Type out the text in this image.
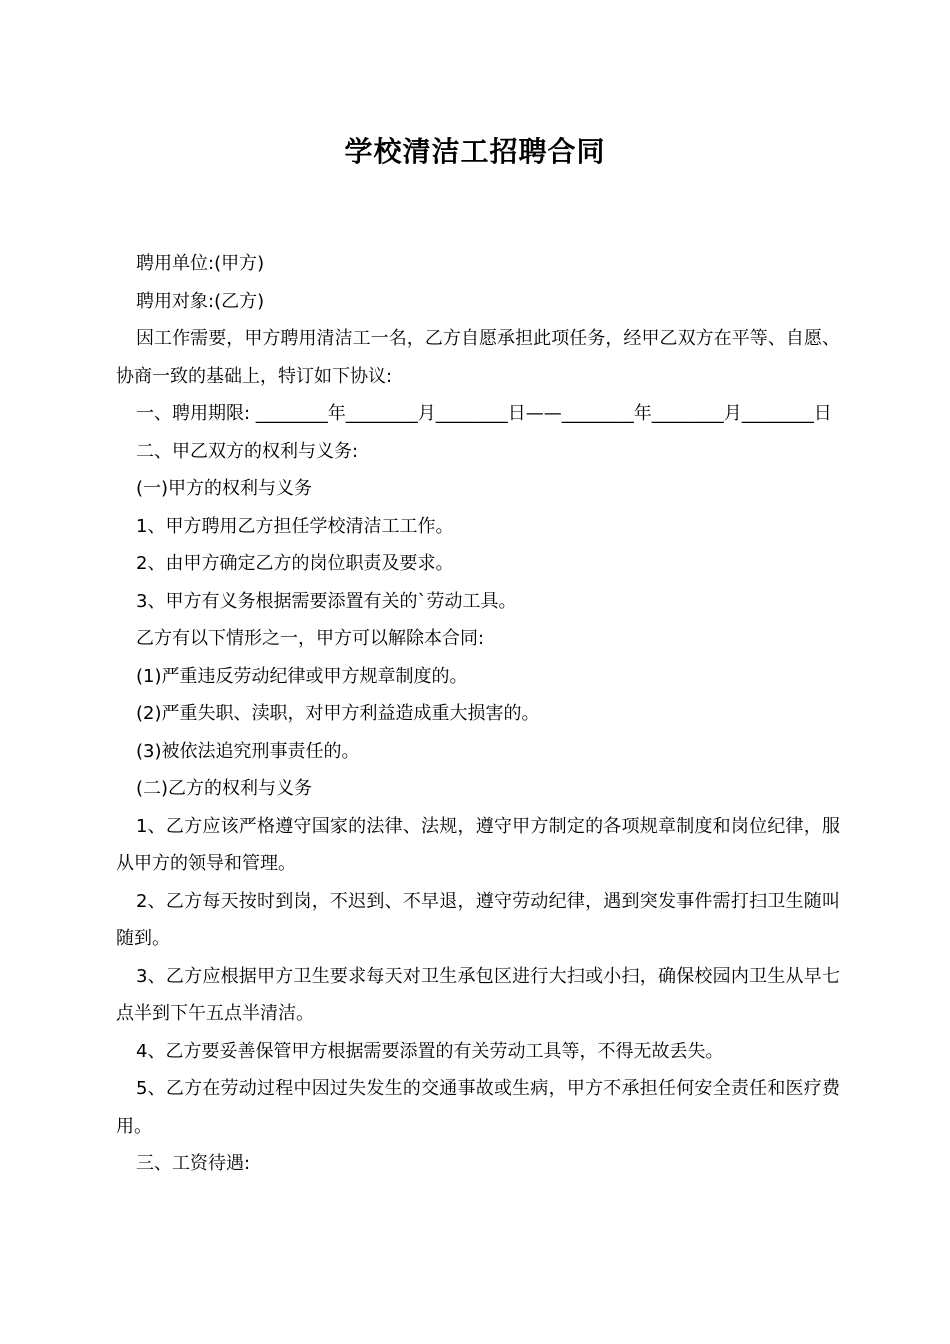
学校清洁工招聘合同

聘用单位:(甲方)

聘用对象:(乙方)

因工作需要，甲方聘用清洁工一名，乙方自愿承担此项任务，经甲乙双方在平等、自愿、协商一致的基础上，特订如下协议:

一、聘用期限: ________年________月________日——________年________月________日

二、甲乙双方的权利与义务:

(一)甲方的权利与义务

1、甲方聘用乙方担任学校清洁工工作。

2、由甲方确定乙方的岗位职责及要求。

3、甲方有义务根据需要添置有关的`劳动工具。

乙方有以下情形之一，甲方可以解除本合同:

(1)严重违反劳动纪律或甲方规章制度的。

(2)严重失职、渎职，对甲方利益造成重大损害的。

(3)被依法追究刑事责任的。

(二)乙方的权利与义务

1、乙方应该严格遵守国家的法律、法规，遵守甲方制定的各项规章制度和岗位纪律，服从甲方的领导和管理。

2、乙方每天按时到岗，不迟到、不早退，遵守劳动纪律，遇到突发事件需打扫卫生随叫随到。

3、乙方应根据甲方卫生要求每天对卫生承包区进行大扫或小扫，确保校园内卫生从早七点半到下午五点半清洁。

4、乙方要妥善保管甲方根据需要添置的有关劳动工具等，不得无故丢失。

5、乙方在劳动过程中因过失发生的交通事故或生病，甲方不承担任何安全责任和医疗费用。

三、工资待遇:
